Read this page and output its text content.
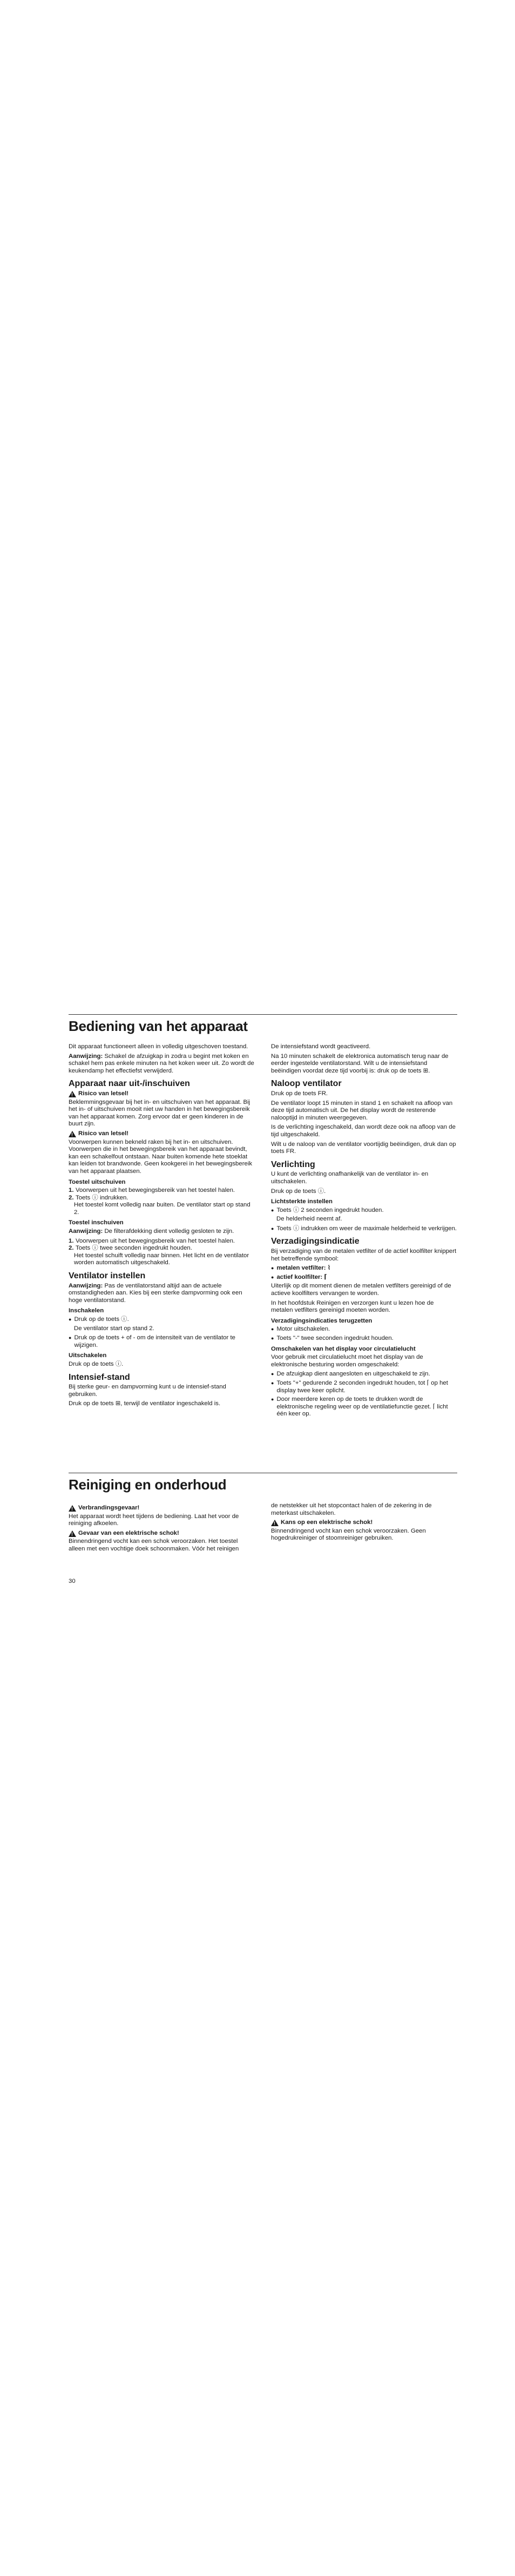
Bediening van het apparaat

Dit apparaat functioneert alleen in volledig uitgeschoven toestand.

Aanwijzing: Schakel de afzuigkap in zodra u begint met koken en schakel hem pas enkele minuten na het koken weer uit. Zo wordt de keukendamp het effectiefst verwijderd.

Apparaat naar uit-/inschuiven
!
Risico van letsel!

Beklemmingsgevaar bij het in- en uitschuiven van het apparaat. Bij het in- of uitschuiven mooit niet uw handen in het bewegingsbereik van het apparaat komen. Zorg ervoor dat er geen kinderen in de buurt zijn.

!
Risico van letsel!

Voorwerpen kunnen bekneld raken bij het in- en uitschuiven. Voorwerpen die in het bewegingsbereik van het apparaat bevindt, kan een schakelfout ontstaan. Naar buiten komende hete stoeklat kan leiden tot brandwonde. Geen kookgerei in het bewegingsbereik van het apparaat plaatsen.

Toestel uitschuiven
1. Voorwerpen uit het bewegingsbereik van het toestel halen.
2. Toets ⓘ indrukken.

Het toestel komt volledig naar buiten. De ventilator start op stand 2.

Toestel inschuiven

Aanwijzing: De filterafdekking dient volledig gesloten te zijn.

1. Voorwerpen uit het bewegingsbereik van het toestel halen.
2. Toets ⓘ twee seconden ingedrukt houden.

Het toestel schuift volledig naar binnen. Het licht en de ventilator worden automatisch uitgeschakeld.

Ventilator instellen

Aanwijzing: Pas de ventilatorstand altijd aan de actuele omstandigheden aan. Kies bij een sterke dampvorming ook een hoge ventilatorstand.

Inschakelen
● Druk op de toets ⓘ.

De ventilator start op stand 2.

● Druk op de toets + of - om de intensiteit van de ventilator te wijzigen.
Uitschakelen

Druk op de toets ⓘ.

Intensief-stand

Bij sterke geur- en dampvorming kunt u de intensief-stand gebruiken.

Druk op de toets ⊞, terwijl de ventilator ingeschakeld is.

De intensiefstand wordt geactiveerd.

Na 10 minuten schakelt de elektronica automatisch terug naar de eerder ingestelde ventilatorstand. Wilt u de intensiefstand beëindigen voordat deze tijd voorbij is: druk op de toets ⊞.

Naloop ventilator

Druk op de toets FR.

De ventilator loopt 15 minuten in stand 1 en schakelt na afloop van deze tijd automatisch uit. De het display wordt de resterende nalooptijd in minuten weergegeven.

Is de verlichting ingeschakeld, dan wordt deze ook na afloop van de tijd uitgeschakeld.

Wilt u de naloop van de ventilator voortijdig beëindigen, druk dan op toets FR.

Verlichting

U kunt de verlichting onafhankelijk van de ventilator in- en uitschakelen.

Druk op de toets ⓘ.

Lichtsterkte instellen
● Toets ⓘ 2 seconden ingedrukt houden.

De helderheid neemt af.

● Toets ⓘ indrukken om weer de maximale helderheid te verkrijgen.
Verzadigingsindicatie

Bij verzadiging van de metalen vetfilter of de actief koolfilter knippert het betreffende symbool:

● metalen vetfilter: ⌇
● actief koolfilter: ⌈

Uiterlijk op dit moment dienen de metalen vetfilters gereinigd of de actieve koolfilters vervangen te worden.

In het hoofdstuk Reinigen en verzorgen kunt u lezen hoe de metalen vetfilters gereinigd moeten worden.

Verzadigingsindicaties terugzetten
● Motor uitschakelen.
● Toets "-" twee seconden ingedrukt houden.
Omschakelen van het display voor circulatielucht

Voor gebruik met circulatielucht moet het display van de elektronische besturing worden omgeschakeld:

● De afzuigkap dient aangesloten en uitgeschakeld te zijn.
● Toets "+" gedurende 2 seconden ingedrukt houden, tot ⌈ op het display twee keer oplicht.
● Door meerdere keren op de toets te drukken wordt de elektronische regeling weer op de ventilatiefunctie gezet. ⌈ licht één keer op.
Reiniging en onderhoud
!
Verbrandingsgevaar!

Het apparaat wordt heet tijdens de bediening. Laat het voor de reiniging afkoelen.

!
Gevaar van een elektrische schok!

Binnendringend vocht kan een schok veroorzaken. Het toestel alleen met een vochtige doek schoonmaken. Vóór het reinigen

de netstekker uit het stopcontact halen of de zekering in de meterkast uitschakelen.

!
Kans op een elektrische schok!

Binnendringend vocht kan een schok veroorzaken. Geen hogedrukreiniger of stoomreiniger gebruiken.

30
